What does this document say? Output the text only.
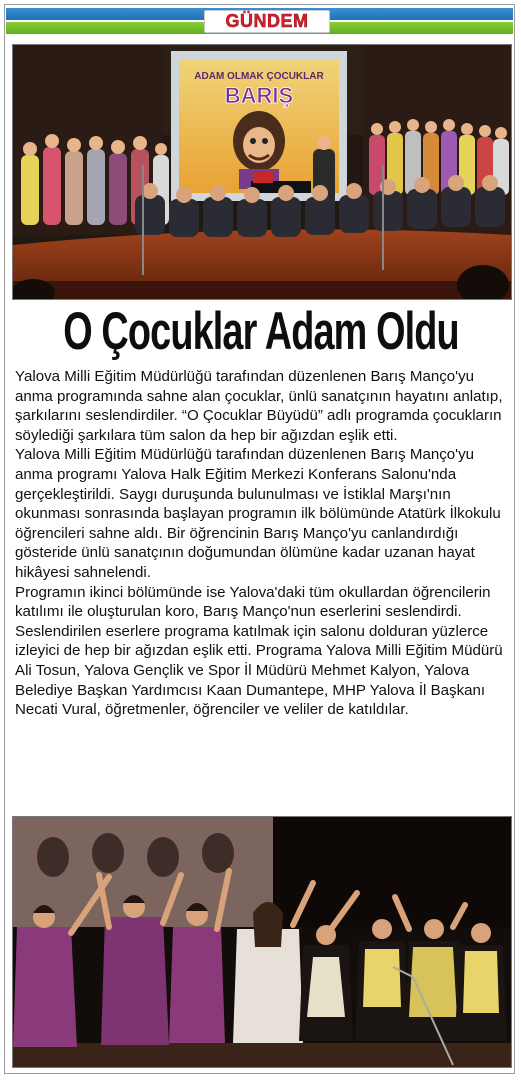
GÜNDEM
ADAM OLMAK ÇOCUKLAR
BARIŞ
O Çocuklar Adam Oldu

Yalova Milli Eğitim Müdürlüğü tarafından düzenlenen Barış Manço'yu anma programında sahne alan çocuklar, ünlü sanatçının hayatını anlatıp, şarkılarını seslendirdiler. “O Çocuklar Büyüdü” adlı programda çocukların söylediği şarkılara tüm salon da hep bir ağızdan eşlik etti.

Yalova Milli Eğitim Müdürlüğü tarafından düzenlenen Barış Manço'yu anma programı Yalova Halk Eğitim Merkezi Konferans Salonu'nda gerçekleştirildi. Saygı duruşunda bulunulması ve İstiklal Marşı'nın okunması sonrasında başlayan programın ilk bölümünde Atatürk İlkokulu öğrencileri sahne aldı. Bir öğrencinin Barış Manço'yu canlandırdığı gösteride ünlü sanatçının doğumundan ölümüne kadar uzanan hayat hikâyesi sahnelendi.

Programın ikinci bölümünde ise Yalova'daki tüm okullardan öğrencilerin katılımı ile oluşturulan koro, Barış Manço'nun eserlerini seslendirdi. Seslendirilen eserlere programa katılmak için salonu dolduran yüzlerce izleyici de hep bir ağızdan eşlik etti. Programa Yalova Milli Eğitim Müdürü Ali Tosun, Yalova Gençlik ve Spor İl Müdürü Mehmet Kalyon, Yalova Belediye Başkan Yardımcısı Kaan Dumantepe, MHP Yalova İl Başkanı Necati Vural, öğretmenler, öğrenciler ve veliler de katıldılar.
